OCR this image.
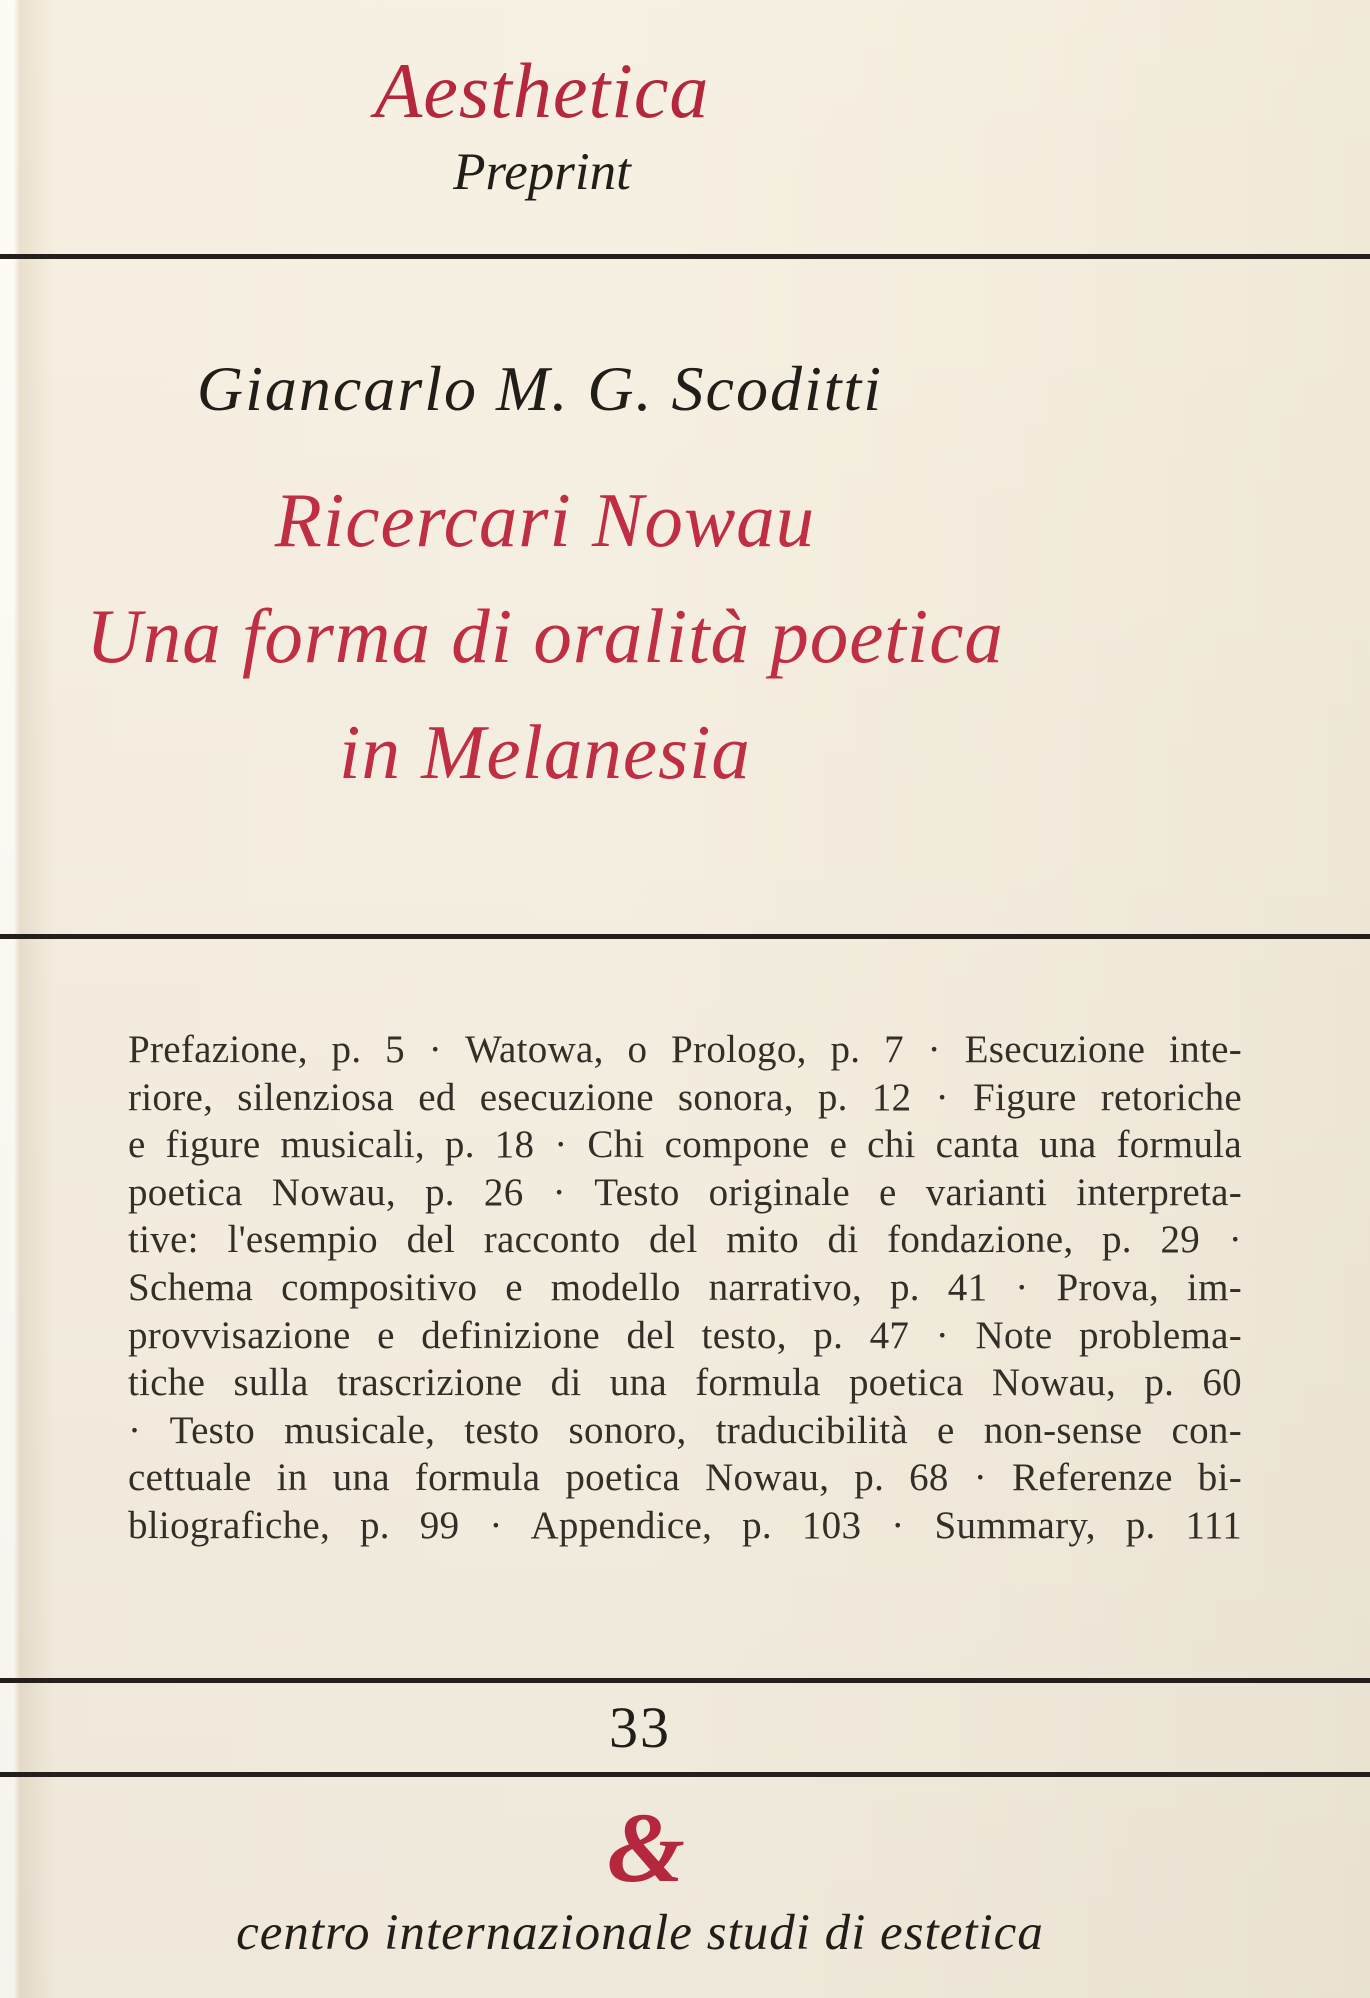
Aesthetica
Preprint
Giancarlo M. G. Scoditti
Ricercari Nowau
Una forma di oralità poetica
in Melanesia
Prefazione, p. 5 · Watowa, o Prologo, p. 7 · Esecuzione inte-
riore, silenziosa ed esecuzione sonora, p. 12 · Figure retoriche
e figure musicali, p. 18 · Chi compone e chi canta una formula
poetica Nowau, p. 26 · Testo originale e varianti interpreta-
tive: l'esempio del racconto del mito di fondazione, p. 29 ·
Schema compositivo e modello narrativo, p. 41 · Prova, im-
provvisazione e definizione del testo, p. 47 · Note problema-
tiche sulla trascrizione di una formula poetica Nowau, p. 60
· Testo musicale, testo sonoro, traducibilità e non-sense con-
cettuale in una formula poetica Nowau, p. 68 · Referenze bi-
bliografiche, p. 99 · Appendice, p. 103 · Summary, p. 111
33
&
centro internazionale studi di estetica
